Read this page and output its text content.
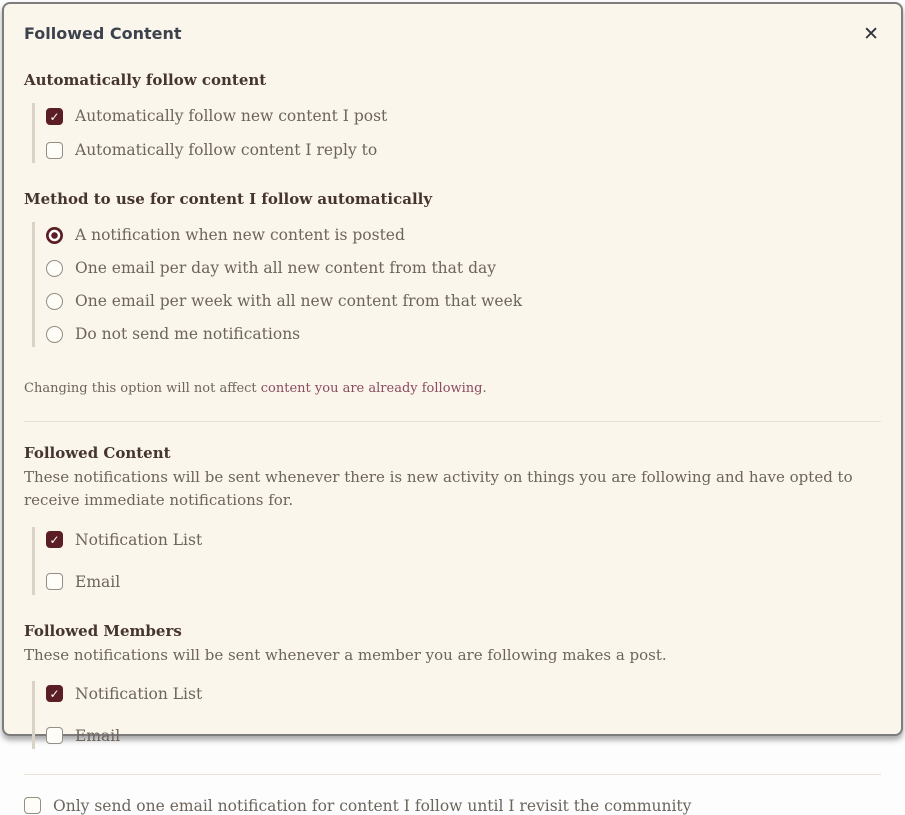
Followed Content	✕
Automatically follow content
✓
Automatically follow new content I post
Automatically follow content I reply to
Method to use for content I follow automatically
A notification when new content is posted
One email per day with all new content from that day
One email per week with all new content from that week
Do not send me notifications
Changing this option will not affect content you are already following.
Followed Content
These notifications will be sent whenever there is new activity on things you are following and have opted to receive immediate notifications for.
✓
Notification List
Email
Followed Members
These notifications will be sent whenever a member you are following makes a post.
✓
Notification List
Email
Only send one email notification for content I follow until I revisit the community
